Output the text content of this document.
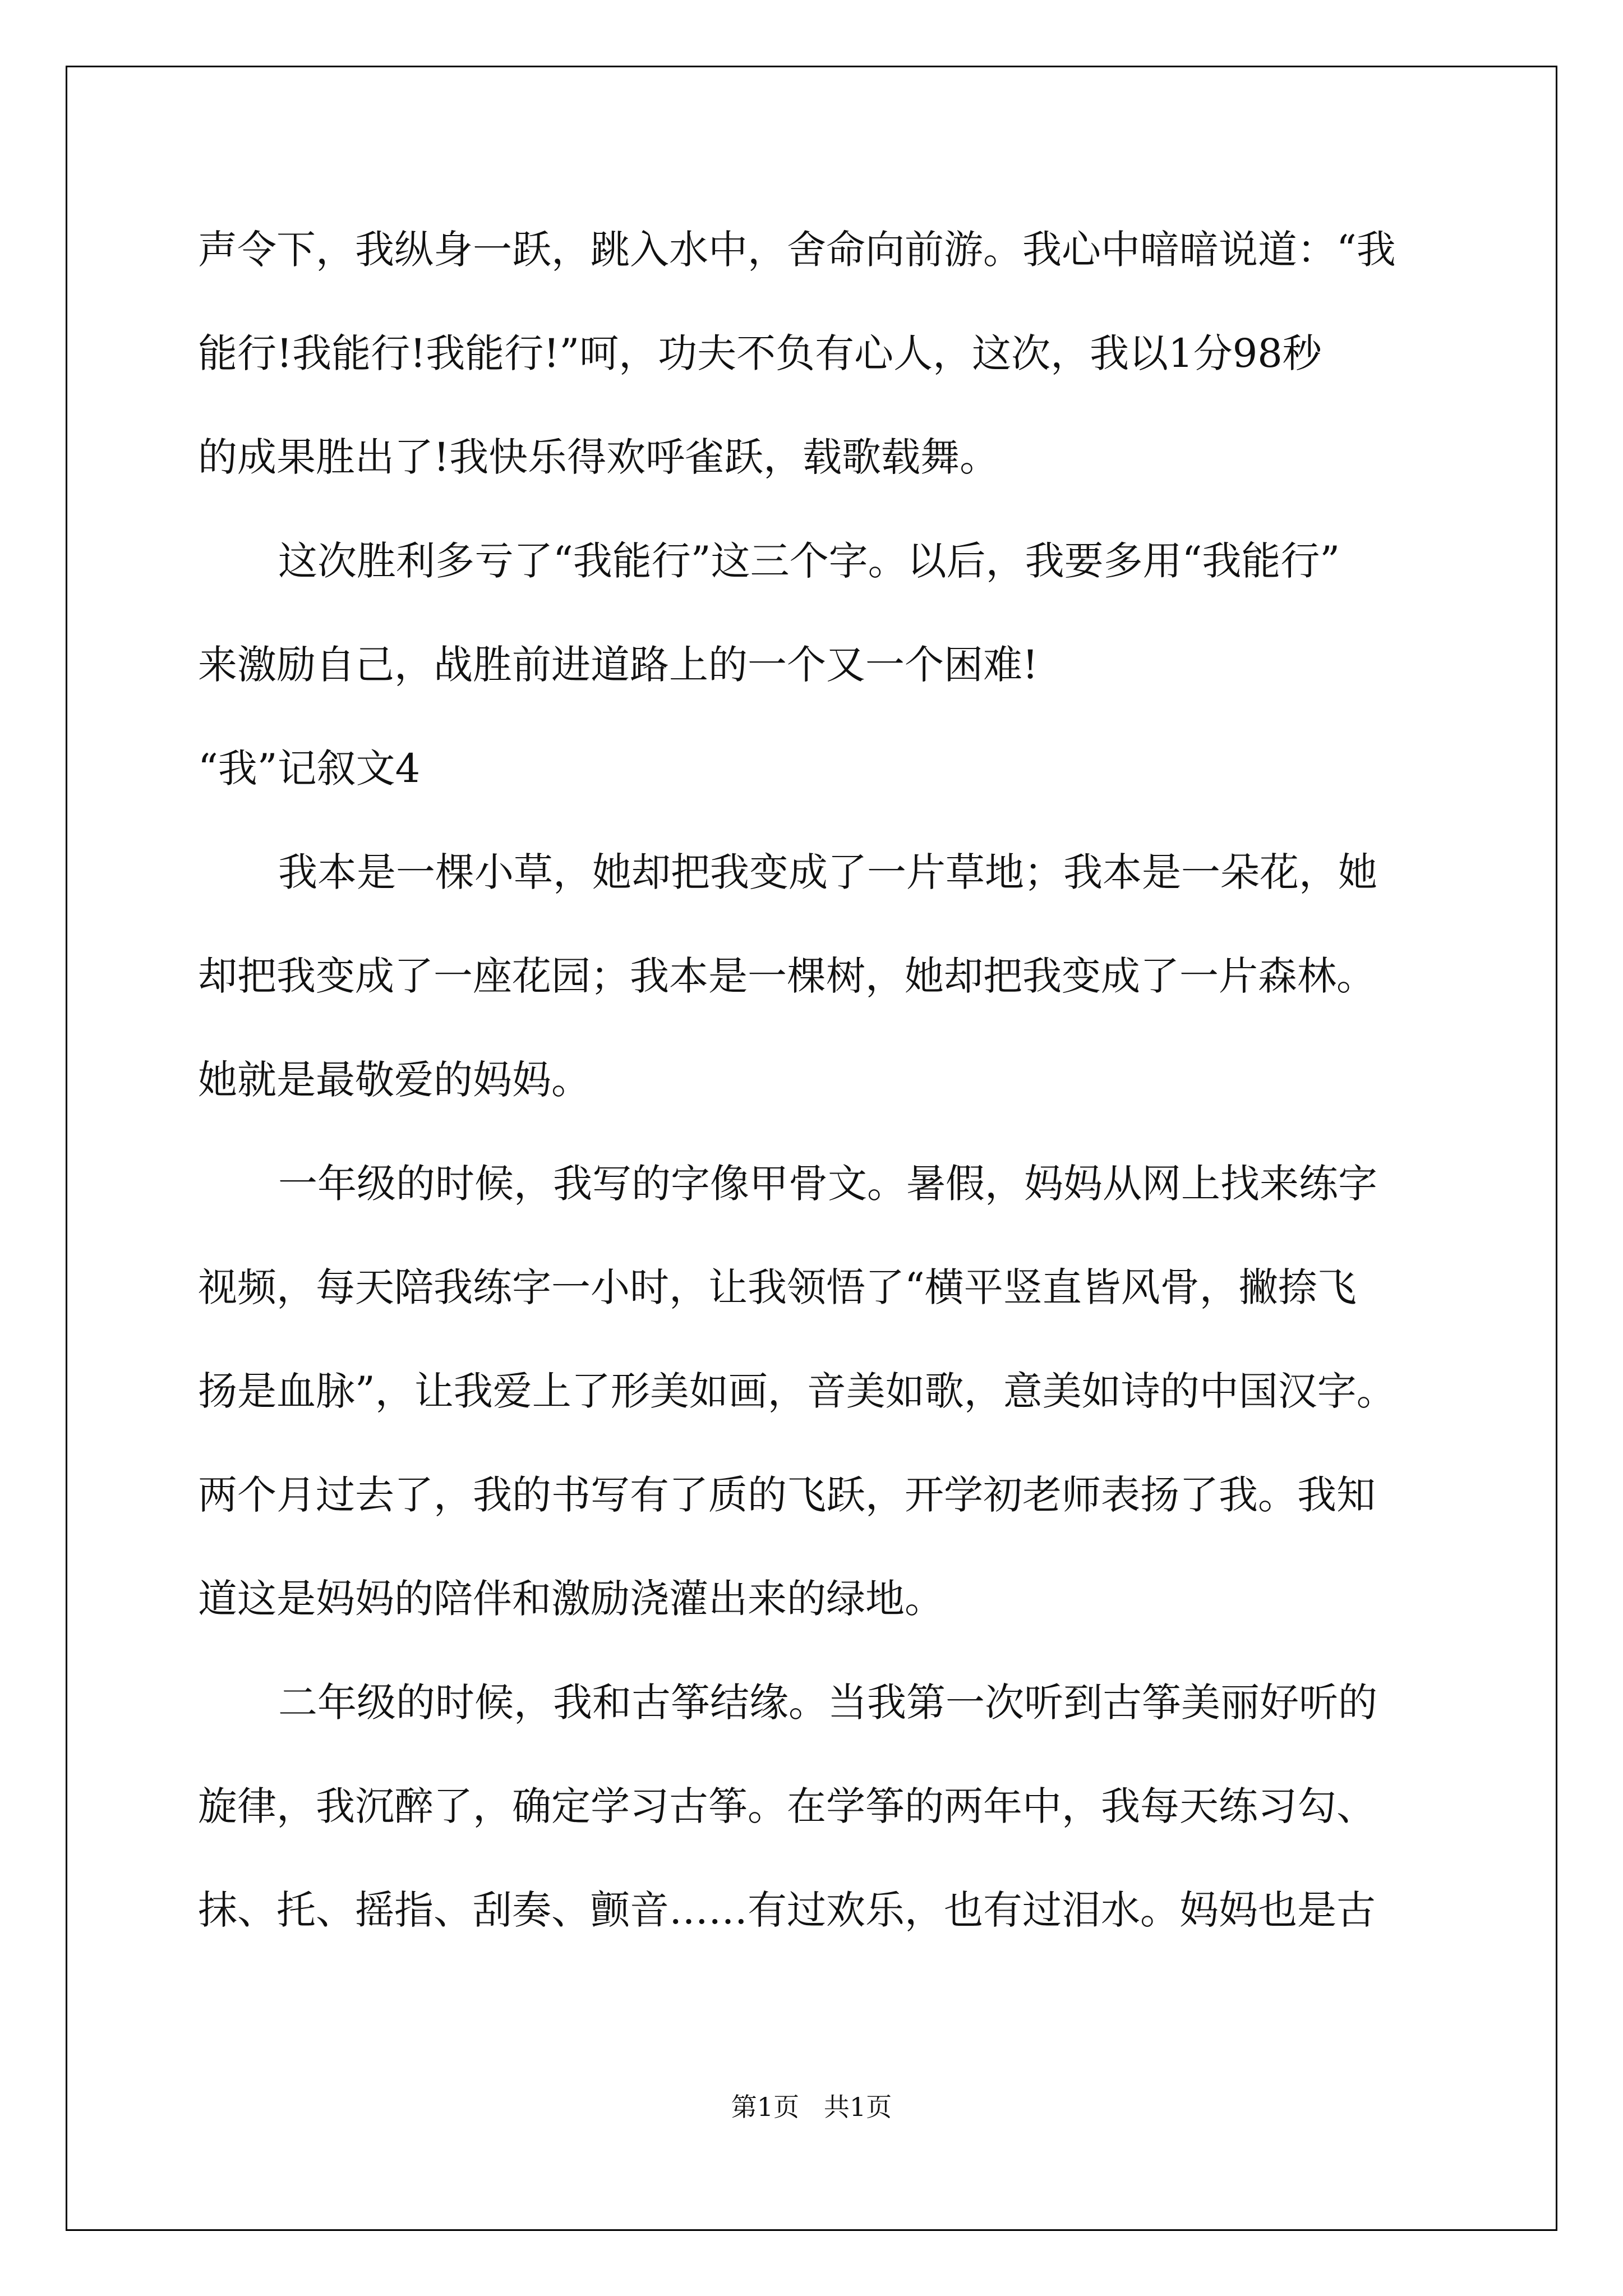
声令下，我纵身一跃，跳入水中，舍命向前游。我心中暗暗说道：“我

能行!我能行!我能行!”呵，功夫不负有心人，这次，我以1分98秒

的成果胜出了!我快乐得欢呼雀跃，载歌载舞。

这次胜利多亏了“我能行”这三个字。以后，我要多用“我能行”

来激励自己，战胜前进道路上的一个又一个困难!

“我”记叙文4

我本是一棵小草，她却把我变成了一片草地；我本是一朵花，她

却把我变成了一座花园；我本是一棵树，她却把我变成了一片森林。

她就是最敬爱的妈妈。

一年级的时候，我写的字像甲骨文。暑假，妈妈从网上找来练字

视频，每天陪我练字一小时，让我领悟了“横平竖直皆风骨，撇捺飞

扬是血脉”，让我爱上了形美如画，音美如歌，意美如诗的中国汉字。

两个月过去了，我的书写有了质的飞跃，开学初老师表扬了我。我知

道这是妈妈的陪伴和激励浇灌出来的绿地。

二年级的时候，我和古筝结缘。当我第一次听到古筝美丽好听的

旋律，我沉醉了，确定学习古筝。在学筝的两年中，我每天练习勾、

抹、托、摇指、刮奏、颤音……有过欢乐，也有过泪水。妈妈也是古

第1页   共1页
